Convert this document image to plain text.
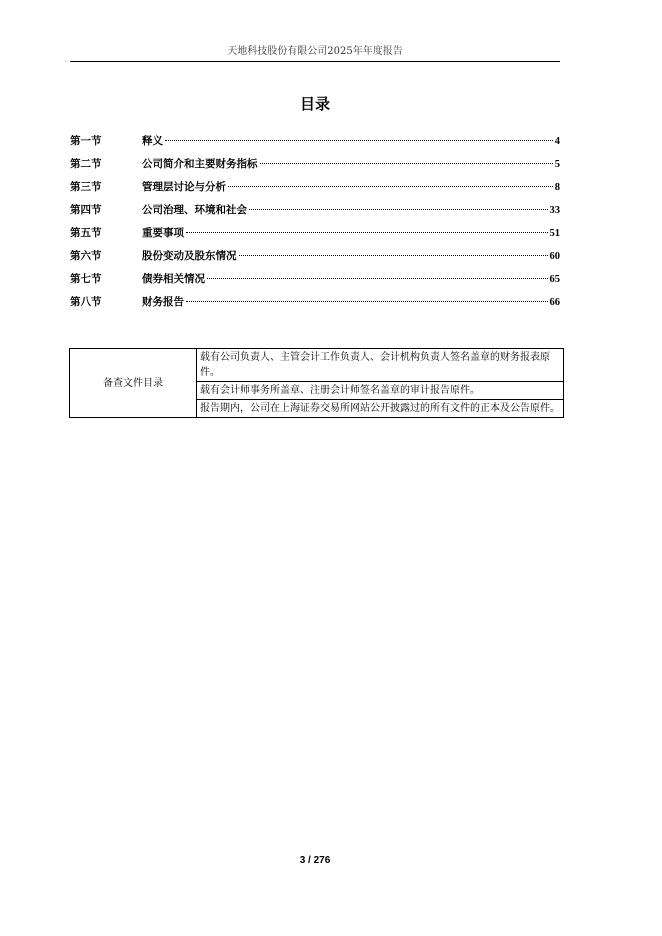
天地科技股份有限公司2025年年度报告
目录
第一节	释义	4
第二节	公司简介和主要财务指标	5
第三节	管理层讨论与分析	8
第四节	公司治理、环境和社会	33
第五节	重要事项	51
第六节	股份变动及股东情况	60
第七节	债券相关情况	65
第八节	财务报告	66
备查文件目录	载有公司负责人、主管会计工作负责人、会计机构负责人签名盖章的财务报表原件。
载有会计师事务所盖章、注册会计师签名盖章的审计报告原件。
报告期内，公司在上海证券交易所网站公开披露过的所有文件的正本及公告原件。
3 / 276
